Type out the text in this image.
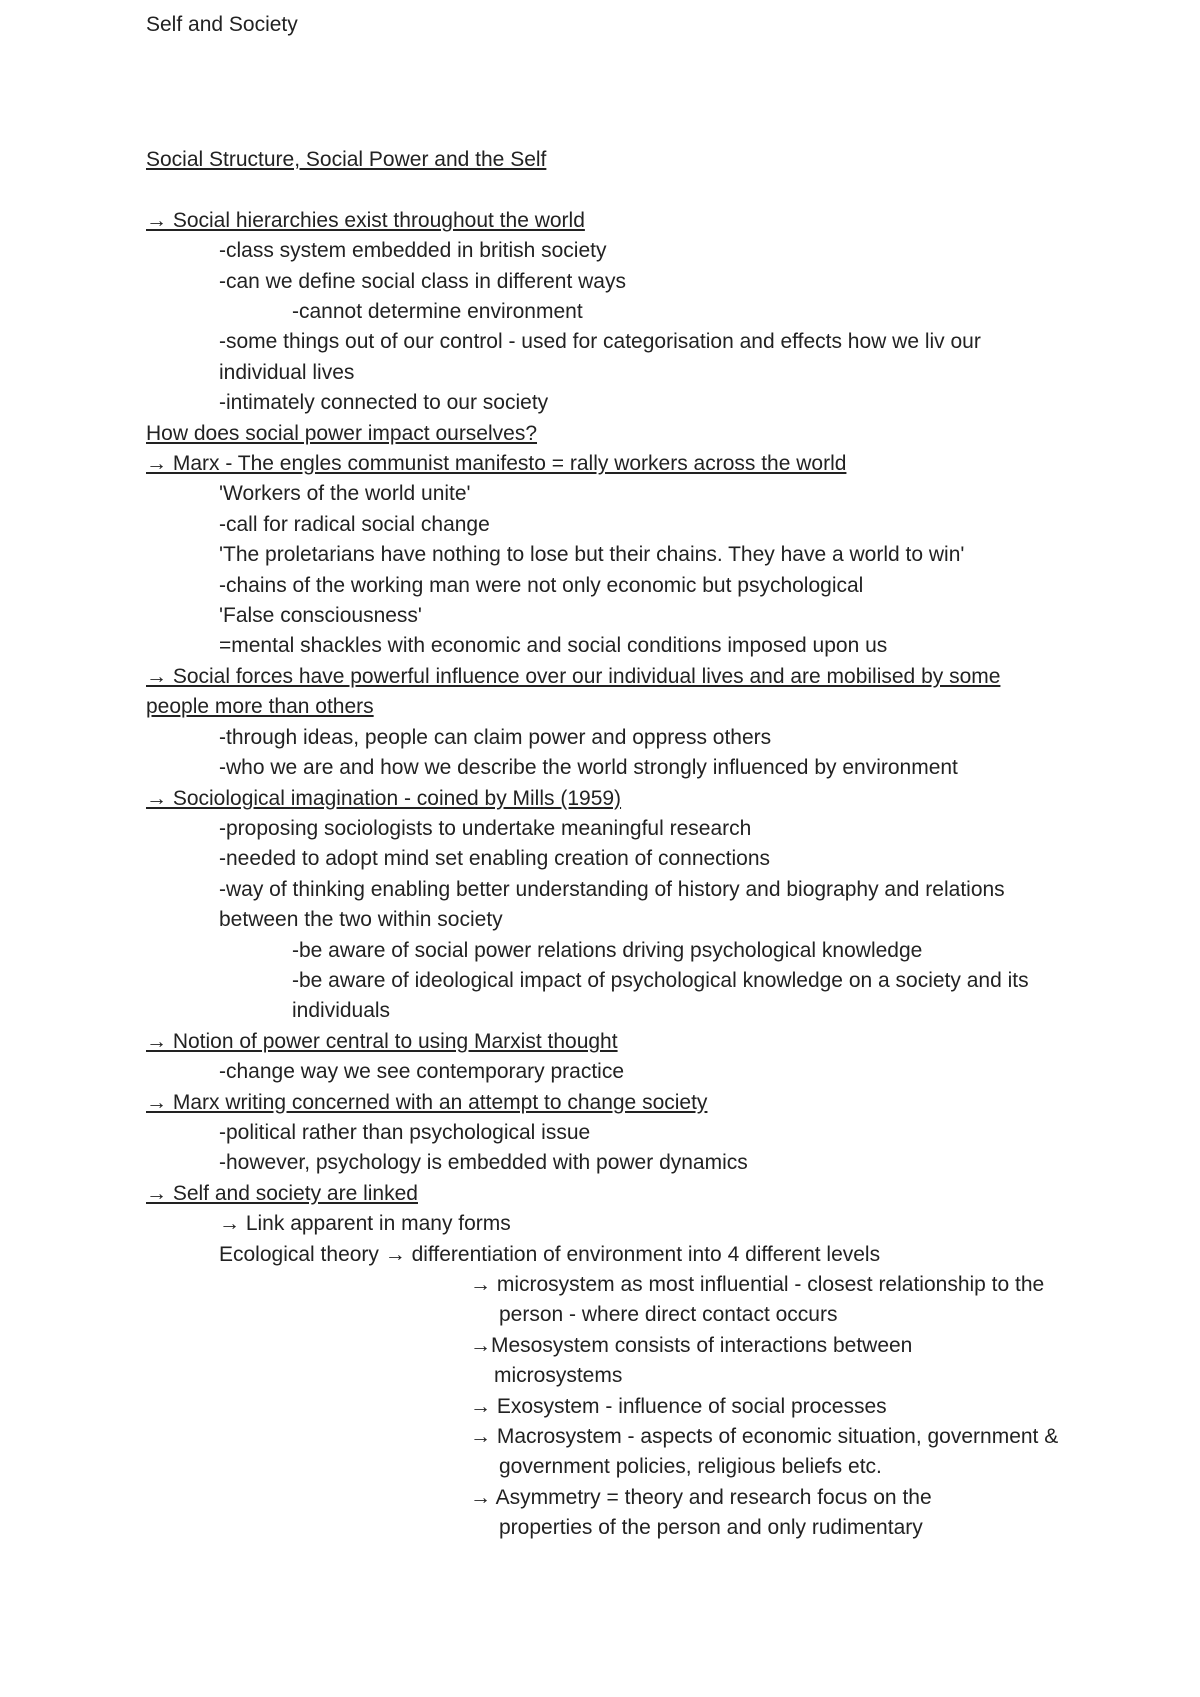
Self and Society
Social Structure, Social Power and the Self
→ Social hierarchies exist throughout the world
-class system embedded in british society
-can we define social class in different ways
-cannot determine environment
-some things out of our control - used for categorisation and effects how we liv our individual lives
-intimately connected to our society
How does social power impact ourselves?
→ Marx - The engles communist manifesto = rally workers across the world
'Workers of the world unite'
-call for radical social change
'The proletarians have nothing to lose but their chains. They have a world to win'
-chains of the working man were not only economic but psychological
'False consciousness'
=mental shackles with economic and social conditions imposed upon us
→ Social forces have powerful influence over our individual lives and are mobilised by some people more than others
-through ideas, people can claim power and oppress others
-who we are and how we describe the world strongly influenced by environment
→ Sociological imagination - coined by Mills (1959)
-proposing sociologists to undertake meaningful research
-needed to adopt mind set enabling creation of connections
-way of thinking enabling better understanding of history and biography and relations between the two within society
-be aware of social power relations driving psychological knowledge
-be aware of ideological impact of psychological knowledge on a society and its individuals
→ Notion of power central to using Marxist thought
-change way we see contemporary practice
→ Marx writing concerned with an attempt to change society
-political rather than psychological issue
-however, psychology is embedded with power dynamics
→ Self and society are linked
→ Link apparent in many forms
Ecological theory → differentiation of environment into 4 different levels
→ microsystem as most influential - closest relationship to the person - where direct contact occurs
→Mesosystem consists of interactions between microsystems
→ Exosystem - influence of social processes
→ Macrosystem - aspects of economic situation, government & government policies, religious beliefs etc.
→ Asymmetry = theory and research focus on the properties of the person and only rudimentary
